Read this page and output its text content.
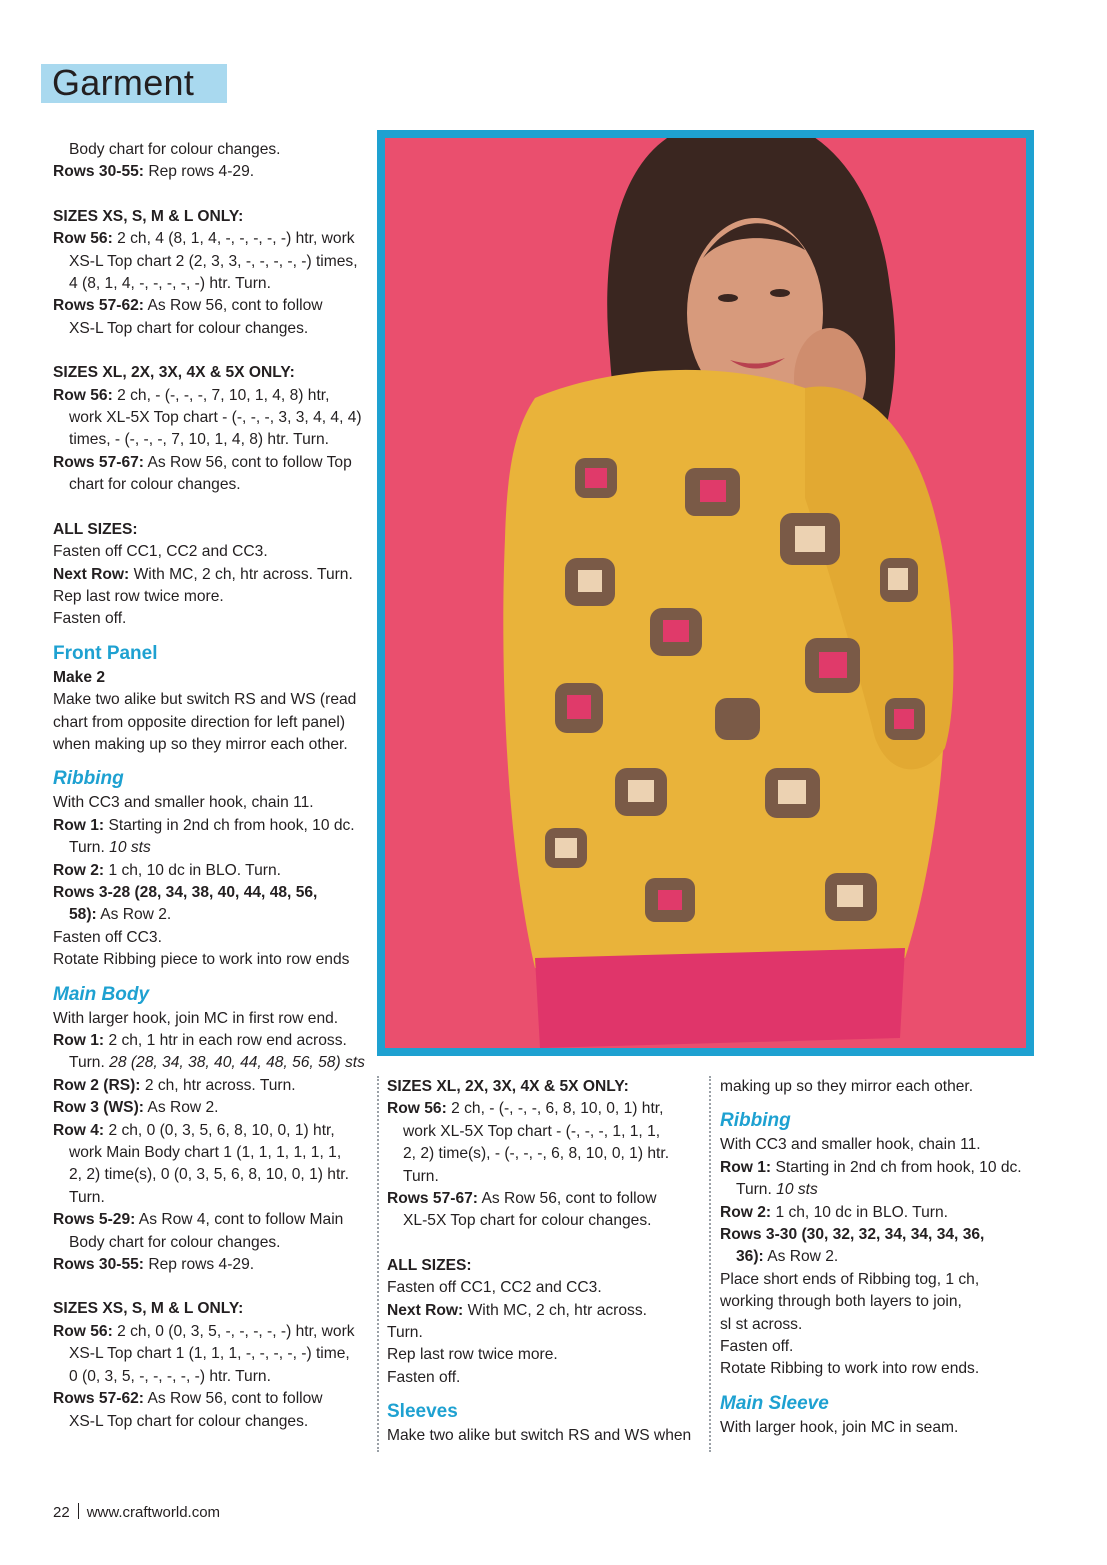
Garment

Body chart for colour changes.

Rows 30-55: Rep rows 4-29.

SIZES XS, S, M & L ONLY:

Row 56: 2 ch, 4 (8, 1, 4, -, -, -, -, -) htr, work

XS-L Top chart 2 (2, 3, 3, -, -, -, -, -) times,

4 (8, 1, 4, -, -, -, -, -) htr. Turn.

Rows 57-62: As Row 56, cont to follow

XS-L Top chart for colour changes.

SIZES XL, 2X, 3X, 4X & 5X ONLY:

Row 56: 2 ch, - (-, -, -, 7, 10, 1, 4, 8) htr,

work XL-5X Top chart - (-, -, -, 3, 3, 4, 4, 4)

times, - (-, -, -, 7, 10, 1, 4, 8) htr. Turn.

Rows 57-67: As Row 56, cont to follow Top

chart for colour changes.

ALL SIZES:

Fasten off CC1, CC2 and CC3.

Next Row: With MC, 2 ch, htr across. Turn.

Rep last row twice more.

Fasten off.

Front Panel

Make 2

Make two alike but switch RS and WS (read

chart from opposite direction for left panel)

when making up so they mirror each other.

Ribbing

With CC3 and smaller hook, chain 11.

Row 1: Starting in 2nd ch from hook, 10 dc.

Turn. 10 sts

Row 2: 1 ch, 10 dc in BLO. Turn.

Rows 3-28 (28, 34, 38, 40, 44, 48, 56,

58): As Row 2.

Fasten off CC3.

Rotate Ribbing piece to work into row ends

Main Body

With larger hook, join MC in first row end.

Row 1: 2 ch, 1 htr in each row end across.

Turn. 28 (28, 34, 38, 40, 44, 48, 56, 58) sts

Row 2 (RS): 2 ch, htr across. Turn.

Row 3 (WS): As Row 2.

Row 4: 2 ch, 0 (0, 3, 5, 6, 8, 10, 0, 1) htr,

work Main Body chart 1 (1, 1, 1, 1, 1, 1,

2, 2) time(s), 0 (0, 3, 5, 6, 8, 10, 0, 1) htr.

Turn.

Rows 5-29: As Row 4, cont to follow Main

Body chart for colour changes.

Rows 30-55: Rep rows 4-29.

SIZES XS, S, M & L ONLY:

Row 56: 2 ch, 0 (0, 3, 5, -, -, -, -, -) htr, work

XS-L Top chart 1 (1, 1, 1, -, -, -, -, -) time,

0 (0, 3, 5, -, -, -, -, -) htr. Turn.

Rows 57-62: As Row 56, cont to follow

XS-L Top chart for colour changes.

SIZES XL, 2X, 3X, 4X & 5X ONLY:

Row 56: 2 ch, - (-, -, -, 6, 8, 10, 0, 1) htr,

work XL-5X Top chart - (-, -, -, 1, 1, 1,

2, 2) time(s), - (-, -, -, 6, 8, 10, 0, 1) htr.

Turn.

Rows 57-67: As Row 56, cont to follow

XL-5X Top chart for colour changes.

ALL SIZES:

Fasten off CC1, CC2 and CC3.

Next Row: With MC, 2 ch, htr across.

Turn.

Rep last row twice more.

Fasten off.

Sleeves

Make two alike but switch RS and WS when

making up so they mirror each other.

Ribbing

With CC3 and smaller hook, chain 11.

Row 1: Starting in 2nd ch from hook, 10 dc.

Turn. 10 sts

Row 2: 1 ch, 10 dc in BLO. Turn.

Rows 3-30 (30, 32, 32, 34, 34, 34, 36,

36): As Row 2.

Place short ends of Ribbing tog, 1 ch,

working through both layers to join,

sl st across.

Fasten off.

Rotate Ribbing to work into row ends.

Main Sleeve

With larger hook, join MC in seam.

22 www.craftworld.com
